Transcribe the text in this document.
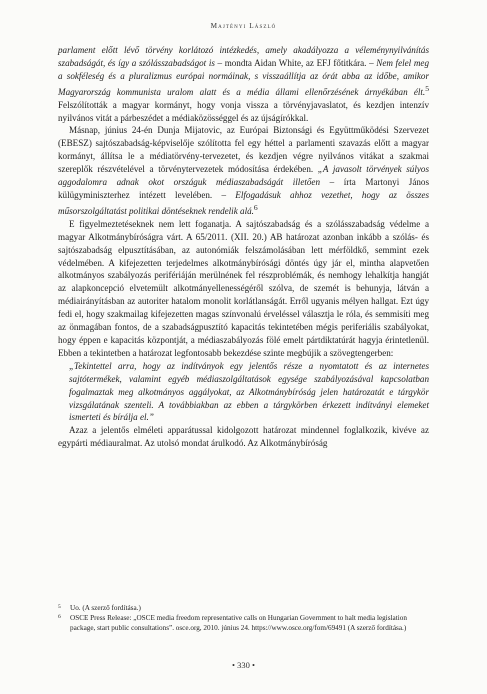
Majtényi László

parlament előtt lévő törvény korlátozó intézkedés, amely akadályozza a véleménynyilvánítás szabadságát, és így a szólásszabadságot is – mondta Aidan White, az EFJ főtitkára. – Nem felel meg a sokféleség és a pluralizmus európai normáinak, s visszaállítja az órát abba az időbe, amikor Magyarország kommunista uralom alatt és a média állami ellenőrzésének árnyékában élt.$^5$ Felszólították a magyar kormányt, hogy vonja vissza a törvényjavaslatot, és kezdjen intenzív nyilvános vitát a párbeszédet a médiaközösséggel és az újságírókkal.

Másnap, június 24-én Dunja Mijatovic, az Európai Biztonsági és Együttműködési Szervezet (EBESZ) sajtószabadság-képviselője szólította fel egy héttel a parlamenti szavazás előtt a magyar kormányt, állítsa le a médiatörvény-tervezetet, és kezdjen végre nyilvános vitákat a szakmai szereplők részvételével a törvénytervezetek módosítása érdekében. „A javasolt törvények súlyos aggodalomra adnak okot országuk médiaszabadságát illetően – írta Martonyi János külügyminiszterhez intézett levelében. – Elfogadásuk ahhoz vezethet, hogy az összes műsorszolgáltatást politikai döntéseknek rendelik alá.$^6$

E figyelmeztetéseknek nem lett foganatja. A sajtószabadság és a szólásszabadság védelme a magyar Alkotmánybíróságra várt. A 65/2011. (XII. 20.) AB határozat azonban inkább a szólás- és sajtószabadság elpusztításában, az autonómiák felszámolásában lett mérföldkő, semmint ezek védelmében. A kifejezetten terjedelmes alkotmánybírósági döntés úgy jár el, mintha alapvetően alkotmányos szabályozás perifériáján merülnének fel részproblémák, és nemhogy lehalkítja hangját az alapkoncepció elvetemült alkotmányellenességéről szólva, de szemét is behunyja, látván a médiairányításban az autoriter hatalom monolit korlátlanságát. Erről ugyanis mélyen hallgat. Ezt úgy fedi el, hogy szakmailag kifejezetten magas színvonalú érveléssel választja le róla, és semmisíti meg az önmagában fontos, de a szabadságpusztító kapacitás tekintetében mégis periferiális szabályokat, hogy éppen e kapacitás központját, a médiaszabályozás fölé emelt pártdiktatúrát hagyja érintetlenül. Ebben a tekintetben a határozat legfontosabb bekezdése szinte megbújik a szövegtengerben:

„Tekintettel arra, hogy az indítványok egy jelentős része a nyomtatott és az internetes sajtótermékek, valamint egyéb médiaszolgáltatások egysége szabályozásával kapcsolatban fogalmaztak meg alkotmányos aggályokat, az Alkotmánybíróság jelen határozatát e tárgykör vizsgálatának szenteli. A továbbiakban az ebben a tárgykörben érkezett indítványi elemeket ismerteti és bírálja el.”

Azaz a jelentős elméleti apparátussal kidolgozott határozat mindennel foglalkozik, kivéve az egypárti médiauralmat. Az utolsó mondat árulkodó. Az Alkotmánybíróság

5 Uo. (A szerző fordítása.)
6 OSCE Press Release: „OSCE media freedom representative calls on Hungarian Government to halt media legislation package, start public consultations”. osce.org, 2010. június 24. https://www.osce.org/fom/69491 (A szerző fordítása.)
• 330 •
